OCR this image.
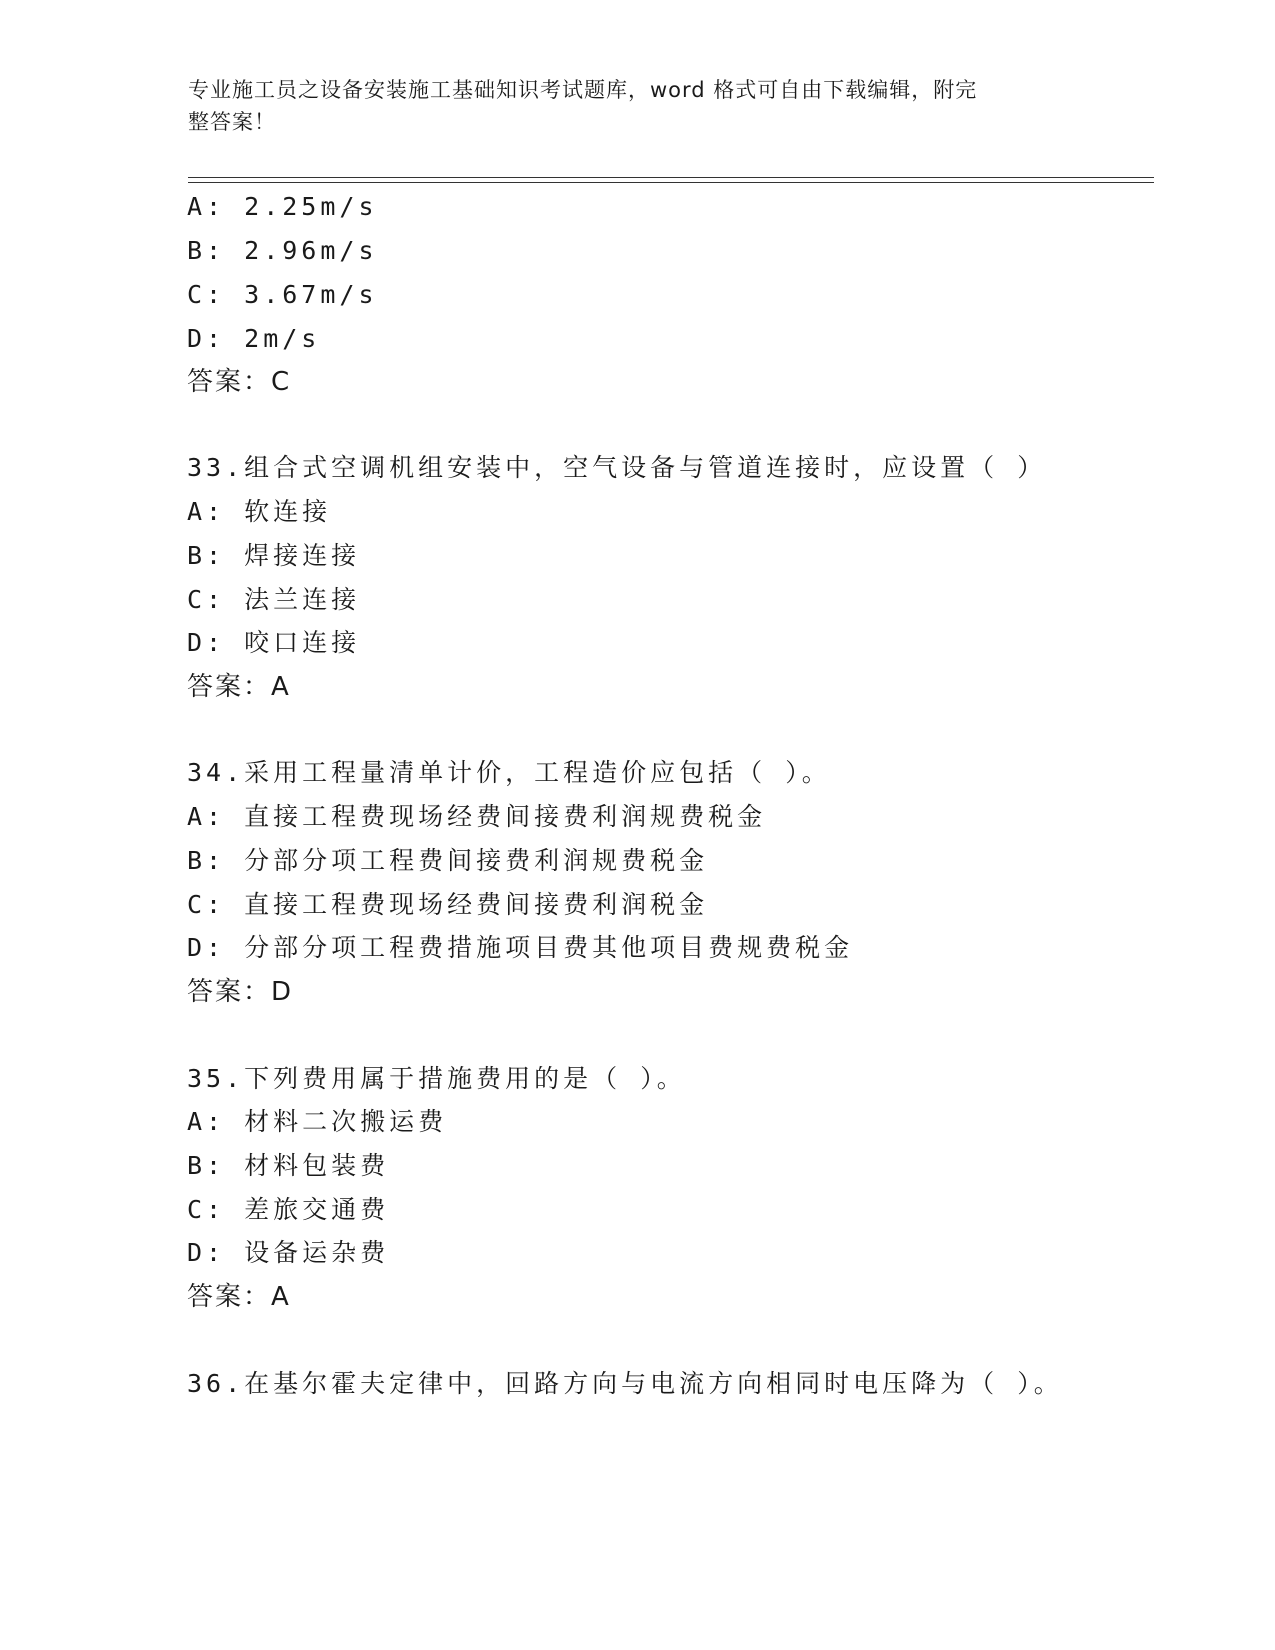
专业施工员之设备安装施工基础知识考试题库，word 格式可自由下载编辑，附完
整答案！
A: 2.25m/s
B: 2.96m/s
C: 3.67m/s
D: 2m/s
答案：C
33.组合式空调机组安装中，空气设备与管道连接时，应设置（ ）
A: 软连接
B: 焊接连接
C: 法兰连接
D: 咬口连接
答案：A
34.采用工程量清单计价，工程造价应包括（ ）。
A: 直接工程费现场经费间接费利润规费税金
B: 分部分项工程费间接费利润规费税金
C: 直接工程费现场经费间接费利润税金
D: 分部分项工程费措施项目费其他项目费规费税金
答案：D
35.下列费用属于措施费用的是（ ）。
A: 材料二次搬运费
B: 材料包装费
C: 差旅交通费
D: 设备运杂费
答案：A
36.在基尔霍夫定律中，回路方向与电流方向相同时电压降为（ ）。
